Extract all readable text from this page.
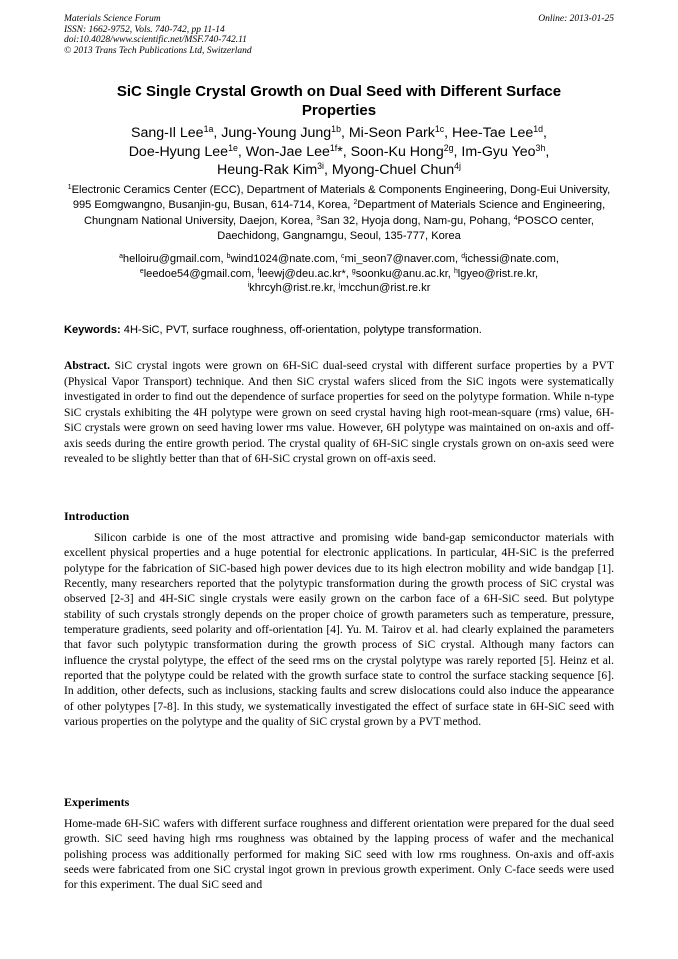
Materials Science Forum
ISSN: 1662-9752, Vols. 740-742, pp 11-14
doi:10.4028/www.scientific.net/MSF.740-742.11
© 2013 Trans Tech Publications Ltd, Switzerland
Online: 2013-01-25
SiC Single Crystal Growth on Dual Seed with Different Surface
Properties
Sang-Il Lee$^{1a}$, Jung-Young Jung$^{1b}$, Mi-Seon Park$^{1c}$, Hee-Tae Lee$^{1d}$,
Doe-Hyung Lee$^{1e}$, Won-Jae Lee$^{1f}$*, Soon-Ku Hong$^{2g}$, Im-Gyu Yeo$^{3h}$,
Heung-Rak Kim$^{3i}$, Myong-Chuel Chun$^{4j}$
$^1$Electronic Ceramics Center (ECC), Department of Materials & Components Engineering, Dong-Eui University, 995 Eomgwangno, Busanjin-gu, Busan, 614-714, Korea, $^2$Department of Materials Science and Engineering, Chungnam National University, Daejon, Korea, $^3$San 32, Hyoja dong, Nam-gu, Pohang, $^4$POSCO center, Daechidong, Gangnamgu, Seoul, 135-777, Korea
$^a$helloiru@gmail.com, $^b$wind1024@nate.com, $^c$mi_seon7@naver.com, $^d$ichessi@nate.com,
$^e$leedoe54@gmail.com, $^f$leewj@deu.ac.kr*, $^g$soonku@anu.ac.kr, $^h$lgyeo@rist.re.kr,
$^i$khrcyh@rist.re.kr, $^j$mcchun@rist.re.kr
Keywords: 4H-SiC, PVT, surface roughness, off-orientation, polytype transformation.

Abstract. SiC crystal ingots were grown on 6H-SiC dual-seed crystal with different surface properties by a PVT (Physical Vapor Transport) technique. And then SiC crystal wafers sliced from the SiC ingots were systematically investigated in order to find out the dependence of surface properties for seed on the polytype formation. While n-type SiC crystals exhibiting the 4H polytype were grown on seed crystal having high root-mean-square (rms) value, 6H-SiC crystals were grown on seed having lower rms value. However, 6H polytype was maintained on on-axis and off-axis seeds during the entire growth period. The crystal quality of 6H-SiC single crystals grown on on-axis seed were revealed to be slightly better than that of 6H-SiC crystal grown on off-axis seed.

Introduction

Silicon carbide is one of the most attractive and promising wide band-gap semiconductor materials with excellent physical properties and a huge potential for electronic applications. In particular, 4H-SiC is the preferred polytype for the fabrication of SiC-based high power devices due to its high electron mobility and wide bandgap [1]. Recently, many researchers reported that the polytypic transformation during the growth process of SiC crystal was observed [2-3] and 4H-SiC single crystals were easily grown on the carbon face of a 6H-SiC seed. But polytype stability of such crystals strongly depends on the proper choice of growth parameters such as temperature, pressure, temperature gradients, seed polarity and off-orientation [4]. Yu. M. Tairov et al. had clearly explained the parameters that favor such polytypic transformation during the growth process of SiC crystal. Although many factors can influence the crystal polytype, the effect of the seed rms on the crystal polytype was rarely reported [5]. Heinz et al. reported that the polytype could be related with the growth surface state to control the surface stacking sequence [6]. In addition, other defects, such as inclusions, stacking faults and screw dislocations could also induce the appearance of other polytypes [7-8]. In this study, we systematically investigated the effect of surface state in 6H-SiC seed with various properties on the polytype and the quality of SiC crystal grown by a PVT method.

Experiments

Home-made 6H-SiC wafers with different surface roughness and different orientation were prepared for the dual seed growth. SiC seed having high rms roughness was obtained by the lapping process of wafer and the mechanical polishing process was additionally performed for making SiC seed with low rms roughness. On-axis and off-axis seeds were fabricated from one SiC crystal ingot grown in previous growth experiment. Only C-face seeds were used for this experiment. The dual SiC seed and
